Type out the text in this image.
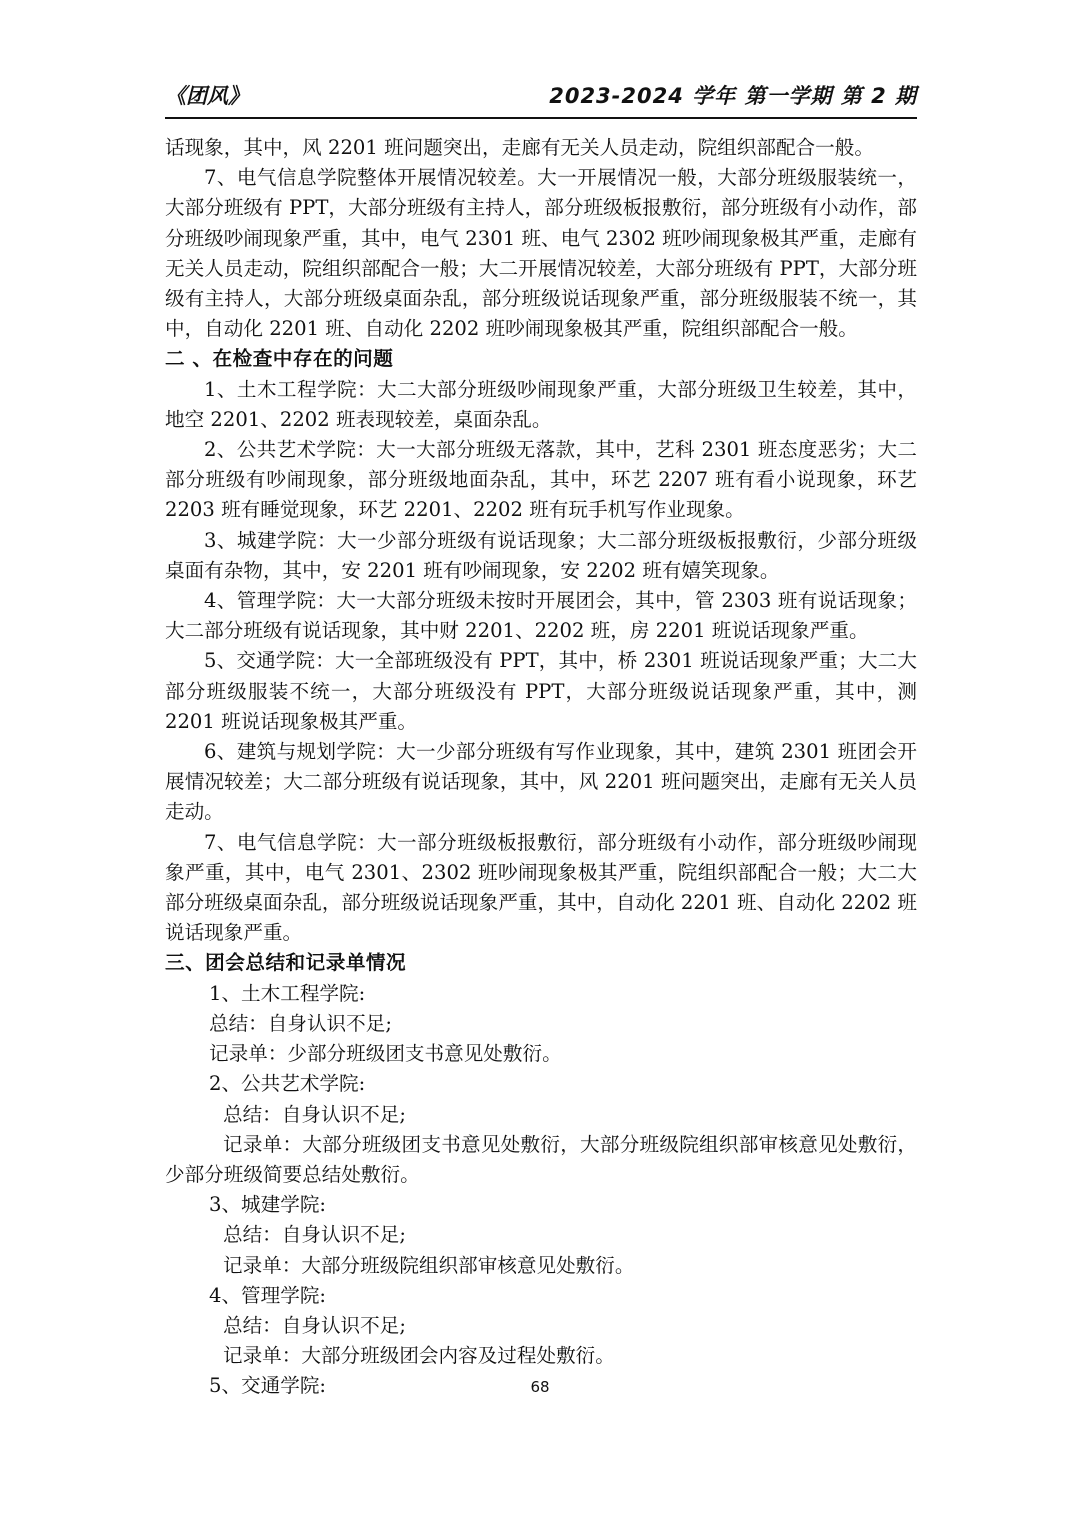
《团风》	2023-2024 学年 第一学期 第 2 期

话现象，其中，风 2201 班问题突出，走廊有无关人员走动，院组织部配合一般。

7、电气信息学院整体开展情况较差。大一开展情况一般，大部分班级服装统一，大部分班级有 PPT，大部分班级有主持人，部分班级板报敷衍，部分班级有小动作，部分班级吵闹现象严重，其中，电气 2301 班、电气 2302 班吵闹现象极其严重，走廊有无关人员走动，院组织部配合一般；大二开展情况较差，大部分班级有 PPT，大部分班级有主持人，大部分班级桌面杂乱，部分班级说话现象严重，部分班级服装不统一，其中，自动化 2201 班、自动化 2202 班吵闹现象极其严重，院组织部配合一般。

二 、在检查中存在的问题

1、土木工程学院：大二大部分班级吵闹现象严重，大部分班级卫生较差，其中，地空 2201、2202 班表现较差，桌面杂乱。

2、公共艺术学院：大一大部分班级无落款，其中，艺科 2301 班态度恶劣；大二部分班级有吵闹现象，部分班级地面杂乱，其中，环艺 2207 班有看小说现象，环艺 2203 班有睡觉现象，环艺 2201、2202 班有玩手机写作业现象。

3、城建学院：大一少部分班级有说话现象；大二部分班级板报敷衍，少部分班级桌面有杂物，其中，安 2201 班有吵闹现象，安 2202 班有嬉笑现象。

4、管理学院：大一大部分班级未按时开展团会，其中，管 2303 班有说话现象；大二部分班级有说话现象，其中财 2201、2202 班，房 2201 班说话现象严重。

5、交通学院：大一全部班级没有 PPT，其中，桥 2301 班说话现象严重；大二大部分班级服装不统一，大部分班级没有 PPT，大部分班级说话现象严重，其中，测 2201 班说话现象极其严重。

6、建筑与规划学院：大一少部分班级有写作业现象，其中，建筑 2301 班团会开展情况较差；大二部分班级有说话现象，其中，风 2201 班问题突出，走廊有无关人员走动。

7、电气信息学院：大一部分班级板报敷衍，部分班级有小动作，部分班级吵闹现象严重，其中，电气 2301、2302 班吵闹现象极其严重，院组织部配合一般；大二大部分班级桌面杂乱，部分班级说话现象严重，其中，自动化 2201 班、自动化 2202 班说话现象严重。

三、团会总结和记录单情况

1、土木工程学院:

总结：自身认识不足;

记录单：少部分班级团支书意见处敷衍。

2、公共艺术学院:

总结：自身认识不足;

记录单：大部分班级团支书意见处敷衍，大部分班级院组织部审核意见处敷衍，少部分班级简要总结处敷衍。

3、城建学院:

总结：自身认识不足;

记录单：大部分班级院组织部审核意见处敷衍。

4、管理学院:

总结：自身认识不足;

记录单：大部分班级团会内容及过程处敷衍。

5、交通学院:	68
